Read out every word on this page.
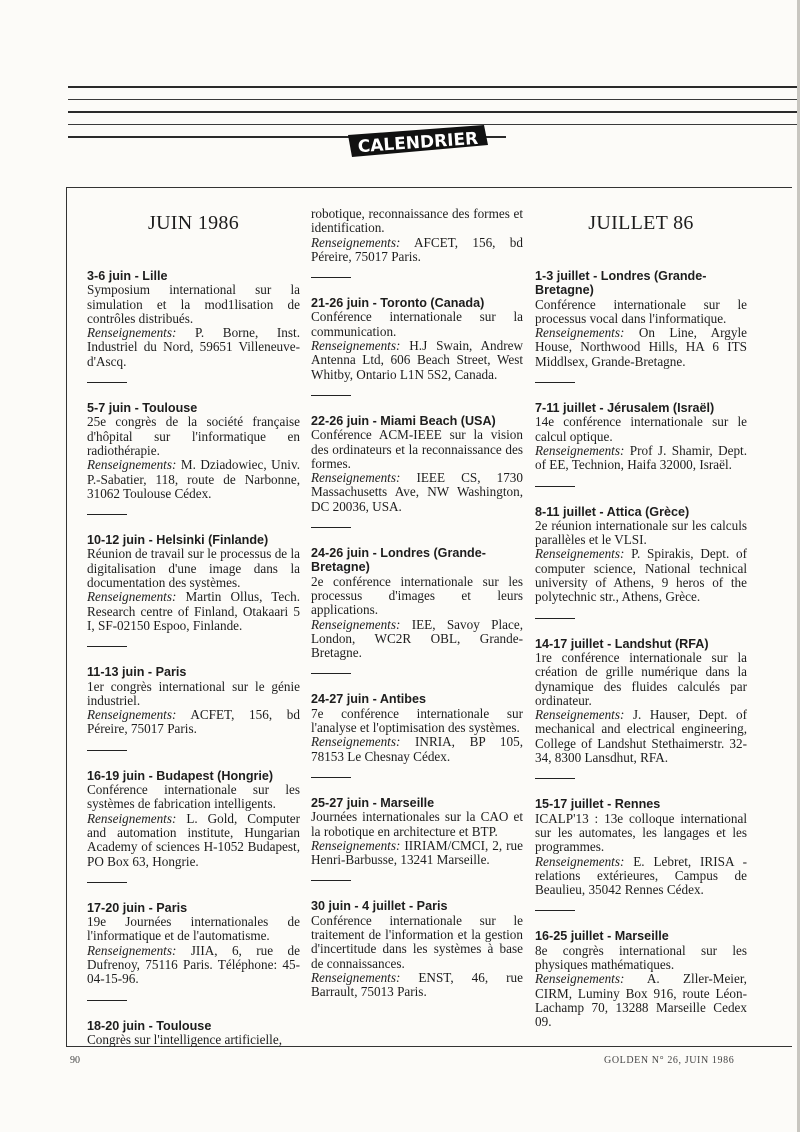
CALENDRIER
JUIN 1986
3-6 juin - Lille

Symposium international sur la simulation et la mod1lisation de contrôles distribués.

Renseignements: P. Borne, Inst. Industriel du Nord, 59651 Villeneuve-d'Ascq.

5-7 juin - Toulouse

25e congrès de la société française d'hôpital sur l'informatique en radiothérapie.

Renseignements: M. Dziadowiec, Univ. P.-Sabatier, 118, route de Narbonne, 31062 Toulouse Cédex.

10-12 juin - Helsinki (Finlande)

Réunion de travail sur le processus de la digitalisation d'une image dans la documentation des systèmes.

Renseignements: Martin Ollus, Tech. Research centre of Finland, Otakaari 5 I, SF-02150 Espoo, Finlande.

11-13 juin - Paris

1er congrès international sur le génie industriel.

Renseignements: ACFET, 156, bd Péreire, 75017 Paris.

16-19 juin - Budapest (Hongrie)

Conférence internationale sur les systèmes de fabrication intelligents.

Renseignements: L. Gold, Computer and automation institute, Hungarian Academy of sciences H-1052 Budapest, PO Box 63, Hongrie.

17-20 juin - Paris

19e Journées internationales de l'informatique et de l'automatisme.

Renseignements: JIIA, 6, rue de Dufrenoy, 75116 Paris. Téléphone: 45-04-15-96.

18-20 juin - Toulouse

Congrès sur l'intelligence artificielle,

robotique, reconnaissance des formes et identification.

Renseignements: AFCET, 156, bd Péreire, 75017 Paris.

21-26 juin - Toronto (Canada)

Conférence internationale sur la communication.

Renseignements: H.J Swain, Andrew Antenna Ltd, 606 Beach Street, West Whitby, Ontario L1N 5S2, Canada.

22-26 juin - Miami Beach (USA)

Conférence ACM-IEEE sur la vision des ordinateurs et la reconnaissance des formes.

Renseignements: IEEE CS, 1730 Massachusetts Ave, NW Washington, DC 20036, USA.

24-26 juin - Londres (Grande-Bretagne)

2e conférence internationale sur les processus d'images et leurs applications.

Renseignements: IEE, Savoy Place, London, WC2R OBL, Grande-Bretagne.

24-27 juin - Antibes

7e conférence internationale sur l'analyse et l'optimisation des systèmes.

Renseignements: INRIA, BP 105, 78153 Le Chesnay Cédex.

25-27 juin - Marseille

Journées internationales sur la CAO et la robotique en architecture et BTP.

Renseignements: IIRIAM/CMCI, 2, rue Henri-Barbusse, 13241 Marseille.

30 juin - 4 juillet - Paris

Conférence internationale sur le traitement de l'information et la gestion d'incertitude dans les systèmes à base de connaissances.

Renseignements: ENST, 46, rue Barrault, 75013 Paris.

JUILLET 86
1-3 juillet - Londres (Grande-Bretagne)

Conférence internationale sur le processus vocal dans l'informatique.

Renseignements: On Line, Argyle House, Northwood Hills, HA 6 ITS Middlsex, Grande-Bretagne.

7-11 juillet - Jérusalem (Israël)

14e conférence internationale sur le calcul optique.

Renseignements: Prof J. Shamir, Dept. of EE, Technion, Haifa 32000, Israël.

8-11 juillet - Attica (Grèce)

2e réunion internationale sur les calculs parallèles et le VLSI.

Renseignements: P. Spirakis, Dept. of computer science, National technical university of Athens, 9 heros of the polytechnic str., Athens, Grèce.

14-17 juillet - Landshut (RFA)

1re conférence internationale sur la création de grille numérique dans la dynamique des fluides calculés par ordinateur.

Renseignements: J. Hauser, Dept. of mechanical and electrical engineering, College of Landshut Stethaimerstr. 32-34, 8300 Lansdhut, RFA.

15-17 juillet - Rennes

ICALP'13 : 13e colloque international sur les automates, les langages et les programmes.

Renseignements: E. Lebret, IRISA - relations extérieures, Campus de Beaulieu, 35042 Rennes Cédex.

16-25 juillet - Marseille

8e congrès international sur les physiques mathématiques.

Renseignements: A. Zller-Meier, CIRM, Luminy Box 916, route Léon-Lachamp 70, 13288 Marseille Cedex 09.

90	GOLDEN N° 26, JUIN 1986
